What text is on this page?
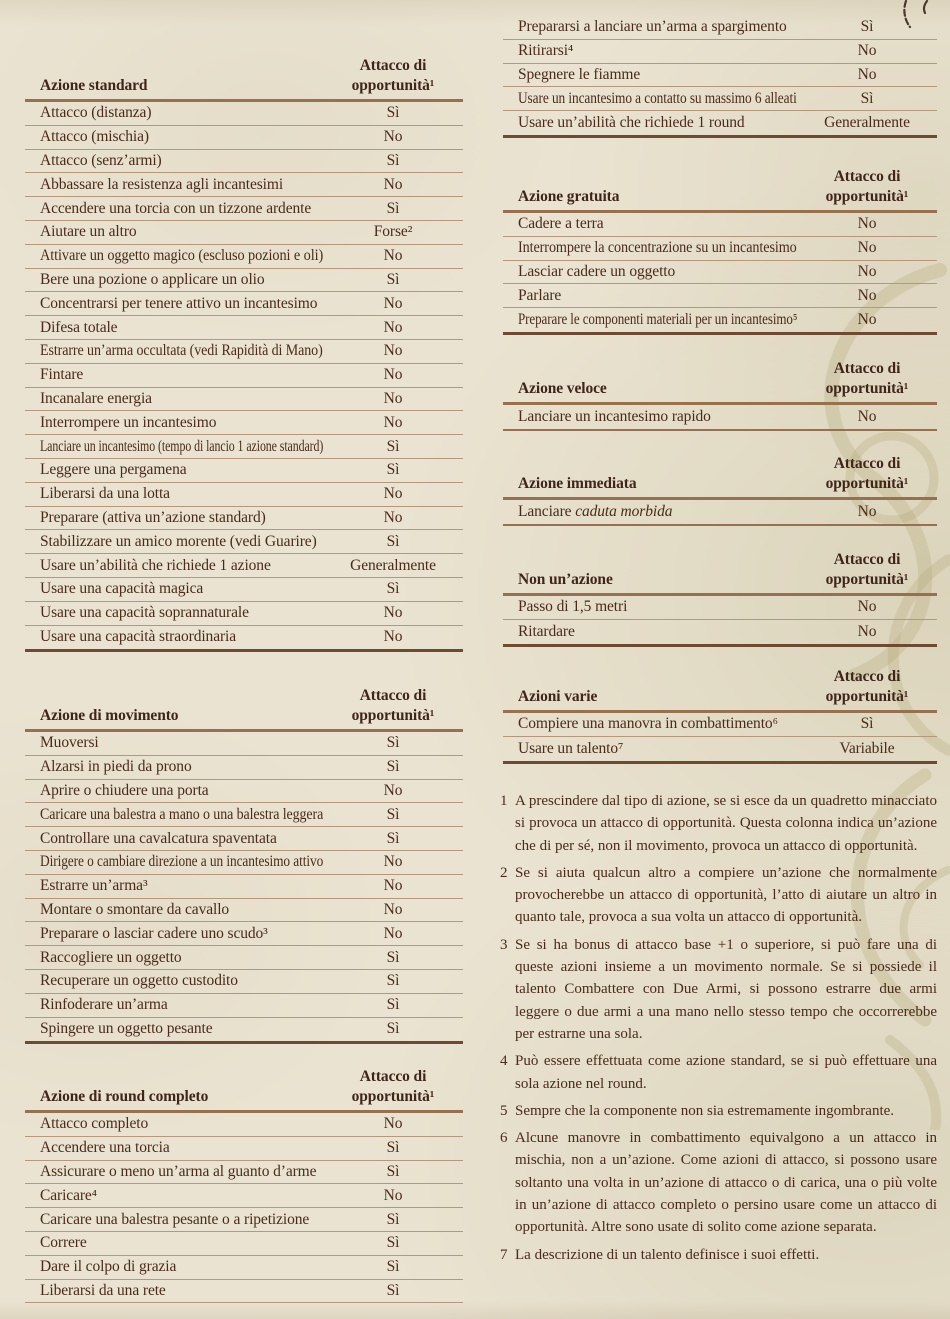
Attacco di
Azione standard	opportunità¹
Attacco (distanza)	Sì
Attacco (mischia)	No
Attacco (senz’armi)	Sì
Abbassare la resistenza agli incantesimi	No
Accendere una torcia con un tizzone ardente	Sì
Aiutare un altro	Forse²
Attivare un oggetto magico (escluso pozioni e oli)	No
Bere una pozione o applicare un olio	Sì
Concentrarsi per tenere attivo un incantesimo	No
Difesa totale	No
Estrarre un’arma occultata (vedi Rapidità di Mano)	No
Fintare	No
Incanalare energia	No
Interrompere un incantesimo	No
Lanciare un incantesimo (tempo di lancio 1 azione standard)	Sì
Leggere una pergamena	Sì
Liberarsi da una lotta	No
Preparare (attiva un’azione standard)	No
Stabilizzare un amico morente (vedi Guarire)	Sì
Usare un’abilità che richiede 1 azione	Generalmente
Usare una capacità magica	Sì
Usare una capacità soprannaturale	No
Usare una capacità straordinaria	No
Attacco di
Azione di movimento	opportunità¹
Muoversi	Sì
Alzarsi in piedi da prono	Sì
Aprire o chiudere una porta	No
Caricare una balestra a mano o una balestra leggera	Sì
Controllare una cavalcatura spaventata	Sì
Dirigere o cambiare direzione a un incantesimo attivo	No
Estrarre un’arma³	No
Montare o smontare da cavallo	No
Preparare o lasciar cadere uno scudo³	No
Raccogliere un oggetto	Sì
Recuperare un oggetto custodito	Sì
Rinfoderare un’arma	Sì
Spingere un oggetto pesante	Sì
Attacco di
Azione di round completo	opportunità¹
Attacco completo	No
Accendere una torcia	Sì
Assicurare o meno un’arma al guanto d’arme	Sì
Caricare⁴	No
Caricare una balestra pesante o a ripetizione	Sì
Correre	Sì
Dare il colpo di grazia	Sì
Liberarsi da una rete	Sì
Prepararsi a lanciare un’arma a spargimento	Sì
Ritirarsi⁴	No
Spegnere le fiamme	No
Usare un incantesimo a contatto su massimo 6 alleati	Sì
Usare un’abilità che richiede 1 round	Generalmente
Attacco di
Azione gratuita	opportunità¹
Cadere a terra	No
Interrompere la concentrazione su un incantesimo	No
Lasciar cadere un oggetto	No
Parlare	No
Preparare le componenti materiali per un incantesimo⁵	No
Attacco di
Azione veloce	opportunità¹
Lanciare un incantesimo rapido	No
Attacco di
Azione immediata	opportunità¹
Lanciare caduta morbida	No
Attacco di
Non un’azione	opportunità¹
Passo di 1,5 metri	No
Ritardare	No
Attacco di
Azioni varie	opportunità¹
Compiere una manovra in combattimento⁶	Sì
Usare un talento⁷	Variabile
1 A prescindere dal tipo di azione, se si esce da un quadretto minacciato si provoca un attacco di opportunità. Questa colonna indica un’azione che di per sé, non il movimento, provoca un attacco di opportunità.
2 Se si aiuta qualcun altro a compiere un’azione che normalmente provocherebbe un attacco di opportunità, l’atto di aiutare un altro in quanto tale, provoca a sua volta un attacco di opportunità.
3 Se si ha bonus di attacco base +1 o superiore, si può fare una di queste azioni insieme a un movimento normale. Se si possiede il talento Combattere con Due Armi, si possono estrarre due armi leggere o due armi a una mano nello stesso tempo che occorrerebbe per estrarne una sola.
4 Può essere effettuata come azione standard, se si può effettuare una sola azione nel round.
5 Sempre che la componente non sia estremamente ingombrante.
6 Alcune manovre in combattimento equivalgono a un attacco in mischia, non a un’azione. Come azioni di attacco, si possono usare soltanto una volta in un’azione di attacco o di carica, una o più volte in un’azione di attacco completo o persino usare come un attacco di opportunità. Altre sono usate di solito come azione separata.
7 La descrizione di un talento definisce i suoi effetti.
